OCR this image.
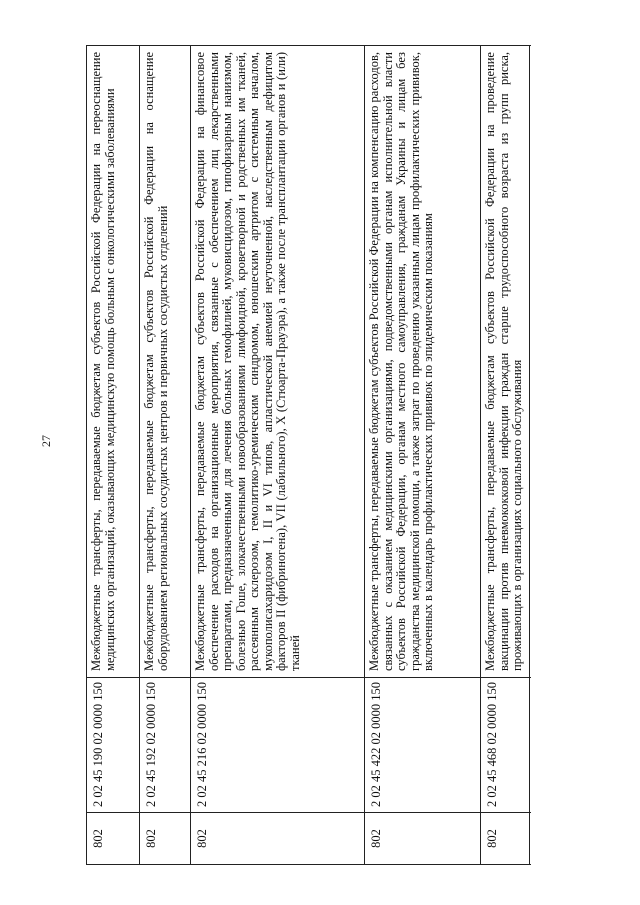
27
802
2 02 45 190 02 0000 150
Межбюджетные трансферты, передаваемые бюджетам субъектов Российской Федерации на переоснащение медицинских организаций, оказывающих медицинскую помощь больным с онкологическими заболеваниями
802
2 02 45 192 02 0000 150
Межбюджетные трансферты, передаваемые бюджетам субъектов Российской Федерации на оснащение оборудованием региональных сосудистых центров и первичных сосудистых отделений
802
2 02 45 216 02 0000 150
Межбюджетные трансферты, передаваемые бюджетам субъектов Российской Федерации на финансовое обеспечение расходов на организационные мероприятия, связанные с обеспечением лиц лекарственными препаратами, предназначенными для лечения больных гемофилией, муковисцидозом, гипофизарным нанизмом, болезнью Гоше, злокачественными новообразованиями лимфоидной, кроветворной и родственных им тканей, рассеянным склерозом, гемолитико-уремическим синдромом, юношеским артритом с системным началом, мукополисахаридозом I, II и VI типов, апластической анемией неуточненной, наследственным дефицитом факторов II (фибриногена), VII (лабильного), X (Стюарта-Прауэра), а также после трансплантации органов и (или) тканей
802
2 02 45 422 02 0000 150
Межбюджетные трансферты, передаваемые бюджетам субъектов Российской Федерации на компенсацию расходов, связанных с оказанием медицинскими организациями, подведомственными органам исполнительной власти субъектов Российской Федерации, органам местного самоуправления, гражданам Украины и лицам без гражданства медицинской помощи, а также затрат по проведению указанным лицам профилактических прививок, включенных в календарь профилактических прививок по эпидемическим показаниям
802
2 02 45 468 02 0000 150
Межбюджетные трансферты, передаваемые бюджетам субъектов Российской Федерации на проведение вакцинации против пневмококковой инфекции граждан старше трудоспособного возраста из групп риска, проживающих в организациях социального обслуживания
